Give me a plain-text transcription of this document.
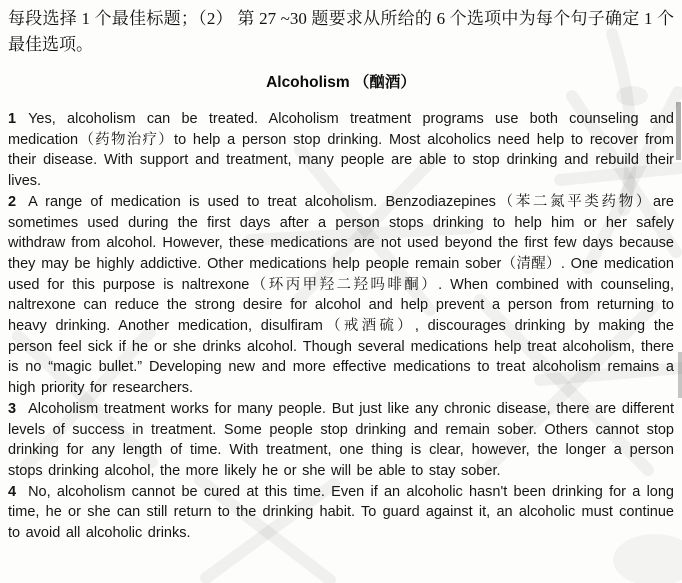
每段选择 1 个最佳标题；（2） 第 27 ~30 题要求从所给的 6 个选项中为每个句子确定 1 个最佳选项。

Alcoholism （酗酒）

1 Yes, alcoholism can be treated. Alcoholism treatment programs use both counseling and medication（药物治疗）to help a person stop drinking. Most alcoholics need help to recover from their disease. With support and treatment, many people are able to stop drinking and rebuild their lives.

2 A range of medication is used to treat alcoholism. Benzodiazepines（苯二氮平类药物）are sometimes used during the first days after a person stops drinking to help him or her safely withdraw from alcohol. However, these medications are not used beyond the first few days because they may be highly addictive. Other medications help people remain sober（清醒）. One medication used for this purpose is naltrexone（环丙甲羟二羟吗啡酮）. When combined with counseling, naltrexone can reduce the strong desire for alcohol and help prevent a person from returning to heavy drinking. Another medication, disulfiram（戒酒硫）, discourages drinking by making the person feel sick if he or she drinks alcohol. Though several medications help treat alcoholism, there is no “magic bullet.” Developing new and more effective medications to treat alcoholism remains a high priority for researchers.

3 Alcoholism treatment works for many people. But just like any chronic disease, there are different levels of success in treatment. Some people stop drinking and remain sober. Others cannot stop drinking for any length of time. With treatment, one thing is clear, however, the longer a person stops drinking alcohol, the more likely he or she will be able to stay sober.

4 No, alcoholism cannot be cured at this time. Even if an alcoholic hasn't been drinking for a long time, he or she can still return to the drinking habit. To guard against it, an alcoholic must continue to avoid all alcoholic drinks.
